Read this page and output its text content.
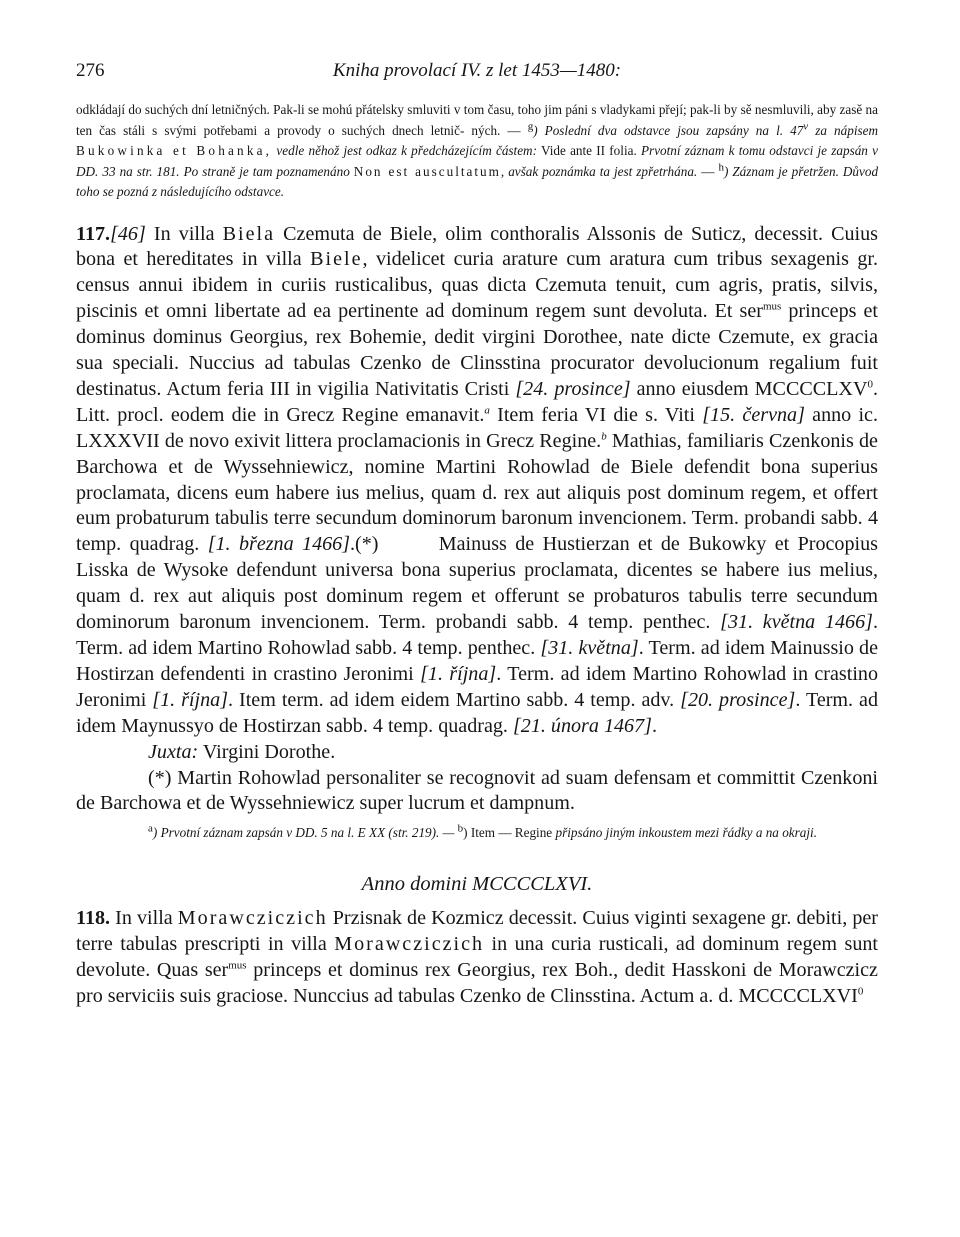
276	Kniha provolací IV. z let 1453—1480:
odkládají do suchých dní letničných. Pak-li se mohú přátelsky smluviti v tom času, toho jim páni s vladykami přejí; pak-li by sě nesmluvili, aby zasě na ten čas stáli s svými potřebami a provody o suchých dnech letnič- ných. — $^g$) Poslední dva odstavce jsou zapsány na l. 47$^v$ za nápisem Bukowinka et Bohanka, vedle něhož jest odkaz k předcházejícím částem: Vide ante II folia. Prvotní záznam k tomu odstavci je zapsán v DD. 33 na str. 181. Po straně je tam poznamenáno Non est auscultatum, avšak poznámka ta jest zpřetrhána. — $^h$) Záznam je přetržen. Důvod toho se pozná z následujícího odstavce.

117.[46] In villa Biela Czemuta de Biele, olim conthoralis Alssonis de Suticz, decessit. Cuius bona et hereditates in villa Biele, videlicet curia arature cum aratura cum tribus sexagenis gr. census annui ibidem in curiis rusticalibus, quas dicta Czemuta tenuit, cum agris, pratis, silvis, piscinis et omni libertate ad ea pertinente ad dominum regem sunt devoluta. Et ser$^{mus}$ princeps et dominus dominus Georgius, rex Bohemie, dedit virgini Dorothee, nate dicte Czemute, ex gracia sua speciali. Nuccius ad tabulas Czenko de Clinsstina procurator devolucionum regalium fuit destinatus. Actum feria III in vigilia Nativitatis Cristi [24. prosince] anno eiusdem MCCCCLXV$^0$. Litt. procl. eodem die in Grecz Regine emanavit.$^a$ Item feria VI die s. Viti [15. června] anno ic. LXXXVII de novo exivit littera proclamacionis in Grecz Regine.$^b$ Mathias, familiaris Czenkonis de Barchowa et de Wyssehniewicz, nomine Martini Rohowlad de Biele defendit bona superius proclamata, dicens eum habere ius melius, quam d. rex aut aliquis post dominum regem, et offert eum probaturum tabulis terre secundum dominorum baronum invencionem. Term. probandi sabb. 4 temp. quadrag. [1. března 1466].(*)   	Mainuss de Hustierzan et de Bukowky et Procopius Lisska de Wysoke defendunt universa bona superius proclamata, dicentes se habere ius melius, quam d. rex aut aliquis post dominum regem et offerunt se probaturos tabulis terre secundum dominorum baronum invencionem. Term. probandi sabb. 4 temp. penthec. [31. května 1466]. Term. ad idem Martino Rohowlad sabb. 4 temp. penthec. [31. května]. Term. ad idem Mainussio de Hostirzan defendenti in crastino Jeronimi [1. října]. Term. ad idem Martino Rohowlad in crastino Jeronimi [1. října]. Item term. ad idem eidem Martino sabb. 4 temp. adv. [20. prosince]. Term. ad idem Maynussyo de Hostirzan sabb. 4 temp. quadrag. [21. února 1467].

Juxta: Virgini Dorothe.

(*) Martin Rohowlad personaliter se recognovit ad suam defensam et committit Czenkoni de Barchowa et de Wyssehniewicz super lucrum et dampnum.

$^a$) Prvotní záznam zapsán v DD. 5 na l. E XX (str. 219). — $^b$) Item — Regine připsáno jiným inkoustem mezi řádky a na okraji.

Anno domini MCCCCLXVI.

118. In villa Morawcziczich Przisnak de Kozmicz decessit. Cuius viginti sexagene gr. debiti, per terre tabulas prescripti in villa Morawcziczich in una curia rusticali, ad dominum regem sunt devolute. Quas ser$^{mus}$ princeps et dominus rex Georgius, rex Boh., dedit Hasskoni de Morawczicz pro serviciis suis graciose. Nunccius ad tabulas Czenko de Clinsstina. Actum a. d. MCCCCLXVI$^0$
